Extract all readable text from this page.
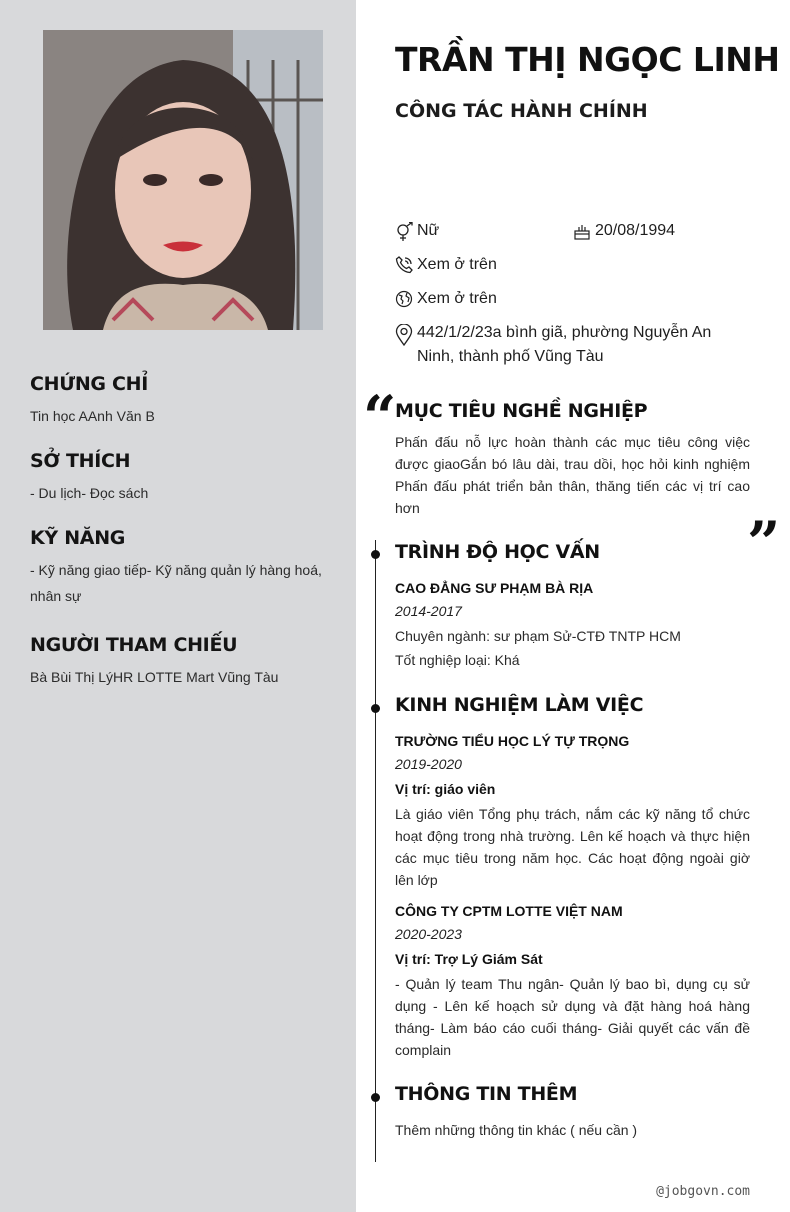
CHỨNG CHỈ
Tin học AAnh Văn B
SỞ THÍCH
- Du lịch- Đọc sách
KỸ NĂNG
- Kỹ năng giao tiếp- Kỹ năng quản lý hàng hoá, nhân sự
NGƯỜI THAM CHIẾU
Bà Bùi Thị LýHR LOTTE Mart Vũng Tàu
TRẦN THỊ NGỌC LINH
CÔNG TÁC HÀNH CHÍNH
Nữ	20/08/1994
Xem ở trên
Xem ở trên
442/1/2/23a bình giã, phường Nguyễn An Ninh, thành phố Vũng Tàu
“
”
MỤC TIÊU NGHỀ NGHIỆP
Phấn đấu nỗ lực hoàn thành các mục tiêu công việc được giaoGắn bó lâu dài, trau dồi, học hỏi kinh nghiệm Phấn đấu phát triển bản thân, thăng tiến các vị trí cao hơn
TRÌNH ĐỘ HỌC VẤN
CAO ĐẲNG SƯ PHẠM BÀ RỊA
2014-2017
Chuyên ngành: sư phạm Sử-CTĐ TNTP HCM
Tốt nghiệp loại: Khá
KINH NGHIỆM LÀM VIỆC
TRƯỜNG TIỂU HỌC LÝ TỰ TRỌNG
2019-2020
Vị trí: giáo viên
Là giáo viên Tổng phụ trách, nắm các kỹ năng tổ chức hoạt động trong nhà trường. Lên kế hoạch và thực hiện các mục tiêu trong năm học. Các hoạt động ngoài giờ lên lớp
CÔNG TY CPTM LOTTE VIỆT NAM
2020-2023
Vị trí: Trợ Lý Giám Sát
- Quản lý team Thu ngân- Quản lý bao bì, dụng cụ sử dụng - Lên kế hoạch sử dụng và đặt hàng hoá hàng tháng- Làm báo cáo cuối tháng- Giải quyết các vấn đề complain
THÔNG TIN THÊM
Thêm những thông tin khác ( nếu cần )
@jobgovn.com
